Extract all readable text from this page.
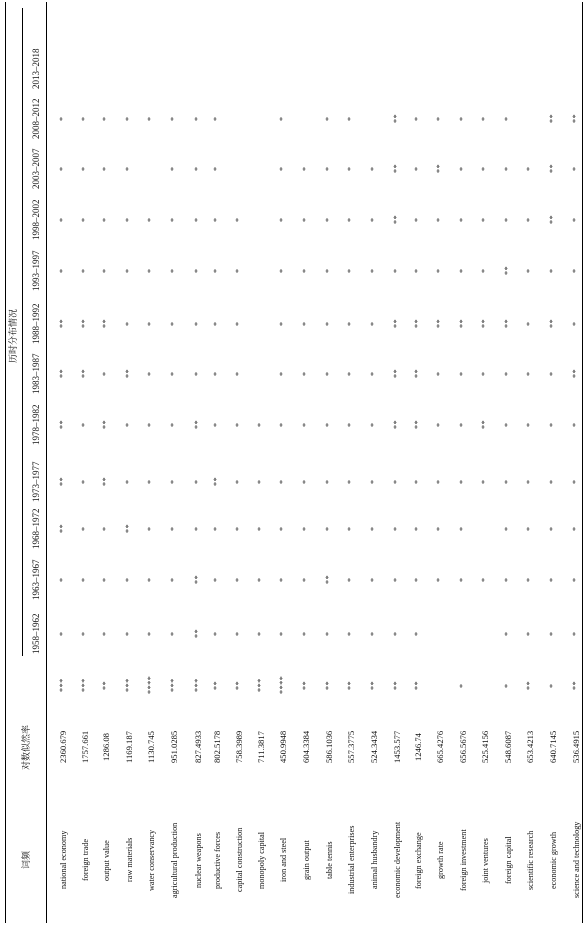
词频
对数似然率
历时分布情况
1958–1962
1963–1967
1968–1972
1973–1977
1978–1982
1983–1987
1988–1992
1993–1997
1998–2002
2003–2007
2008–2012
2013–2018
national economy
2360.679
***
*
*
**
**
**
**
**
*
*
*
*
foreign trade
1757.661
***
*
*
*
*
*
**
**
*
*
*
*
output value
1286.08
**
*
*
*
**
**
*
**
*
*
*
*
raw materials
1169.187
***
*
*
**
*
*
**
*
*
*
*
*
water conservancy
1130.745
****
*
*
*
*
*
*
*
*
*
*
agricultural production
951.0285
***
*
*
*
*
*
*
*
*
*
*
*
nuclear weapons
827.4933
***
**
**
*
*
**
*
*
*
*
*
*
productive forces
802.5178
**
*
*
*
**
*
*
*
*
*
*
*
capital construction
758.3989
**
*
*
*
*
*
*
*
*
*
monopoly capital
711.3817
***
*
*
*
*
*
iron and steel
450.9948
****
*
*
*
*
*
*
*
*
*
*
*
grain output
604.3384
**
*
*
*
*
*
*
*
*
*
*
table tennis
586.1036
**
*
**
*
*
*
*
*
*
*
*
*
industrial enterprises
557.3775
**
*
*
*
*
*
*
*
*
*
*
*
animal husbandry
524.3434
**
*
*
*
*
*
*
*
*
*
*
economic development
1453.577
**
*
*
*
*
**
**
**
*
**
**
**
foreign exchange
1246.74
**
*
*
*
*
**
**
**
*
*
*
*
growth rate
665.4276
*
*
*
*
*
**
*
*
**
*
foreign investment
656.5676
*
*
*
*
*
*
**
*
*
*
*
joint ventures
525.4156
*
*
**
*
**
*
*
*
*
foreign capital
548.6087
*
*
*
*
*
*
*
**
**
*
*
*
scientific research
653.4213
**
*
*
*
*
*
*
*
*
*
*
economic growth
640.7145
*
*
*
*
*
*
*
**
*
**
**
**
science and technology
536.4915
**
*
*
*
*
*
**
*
*
*
*
**
